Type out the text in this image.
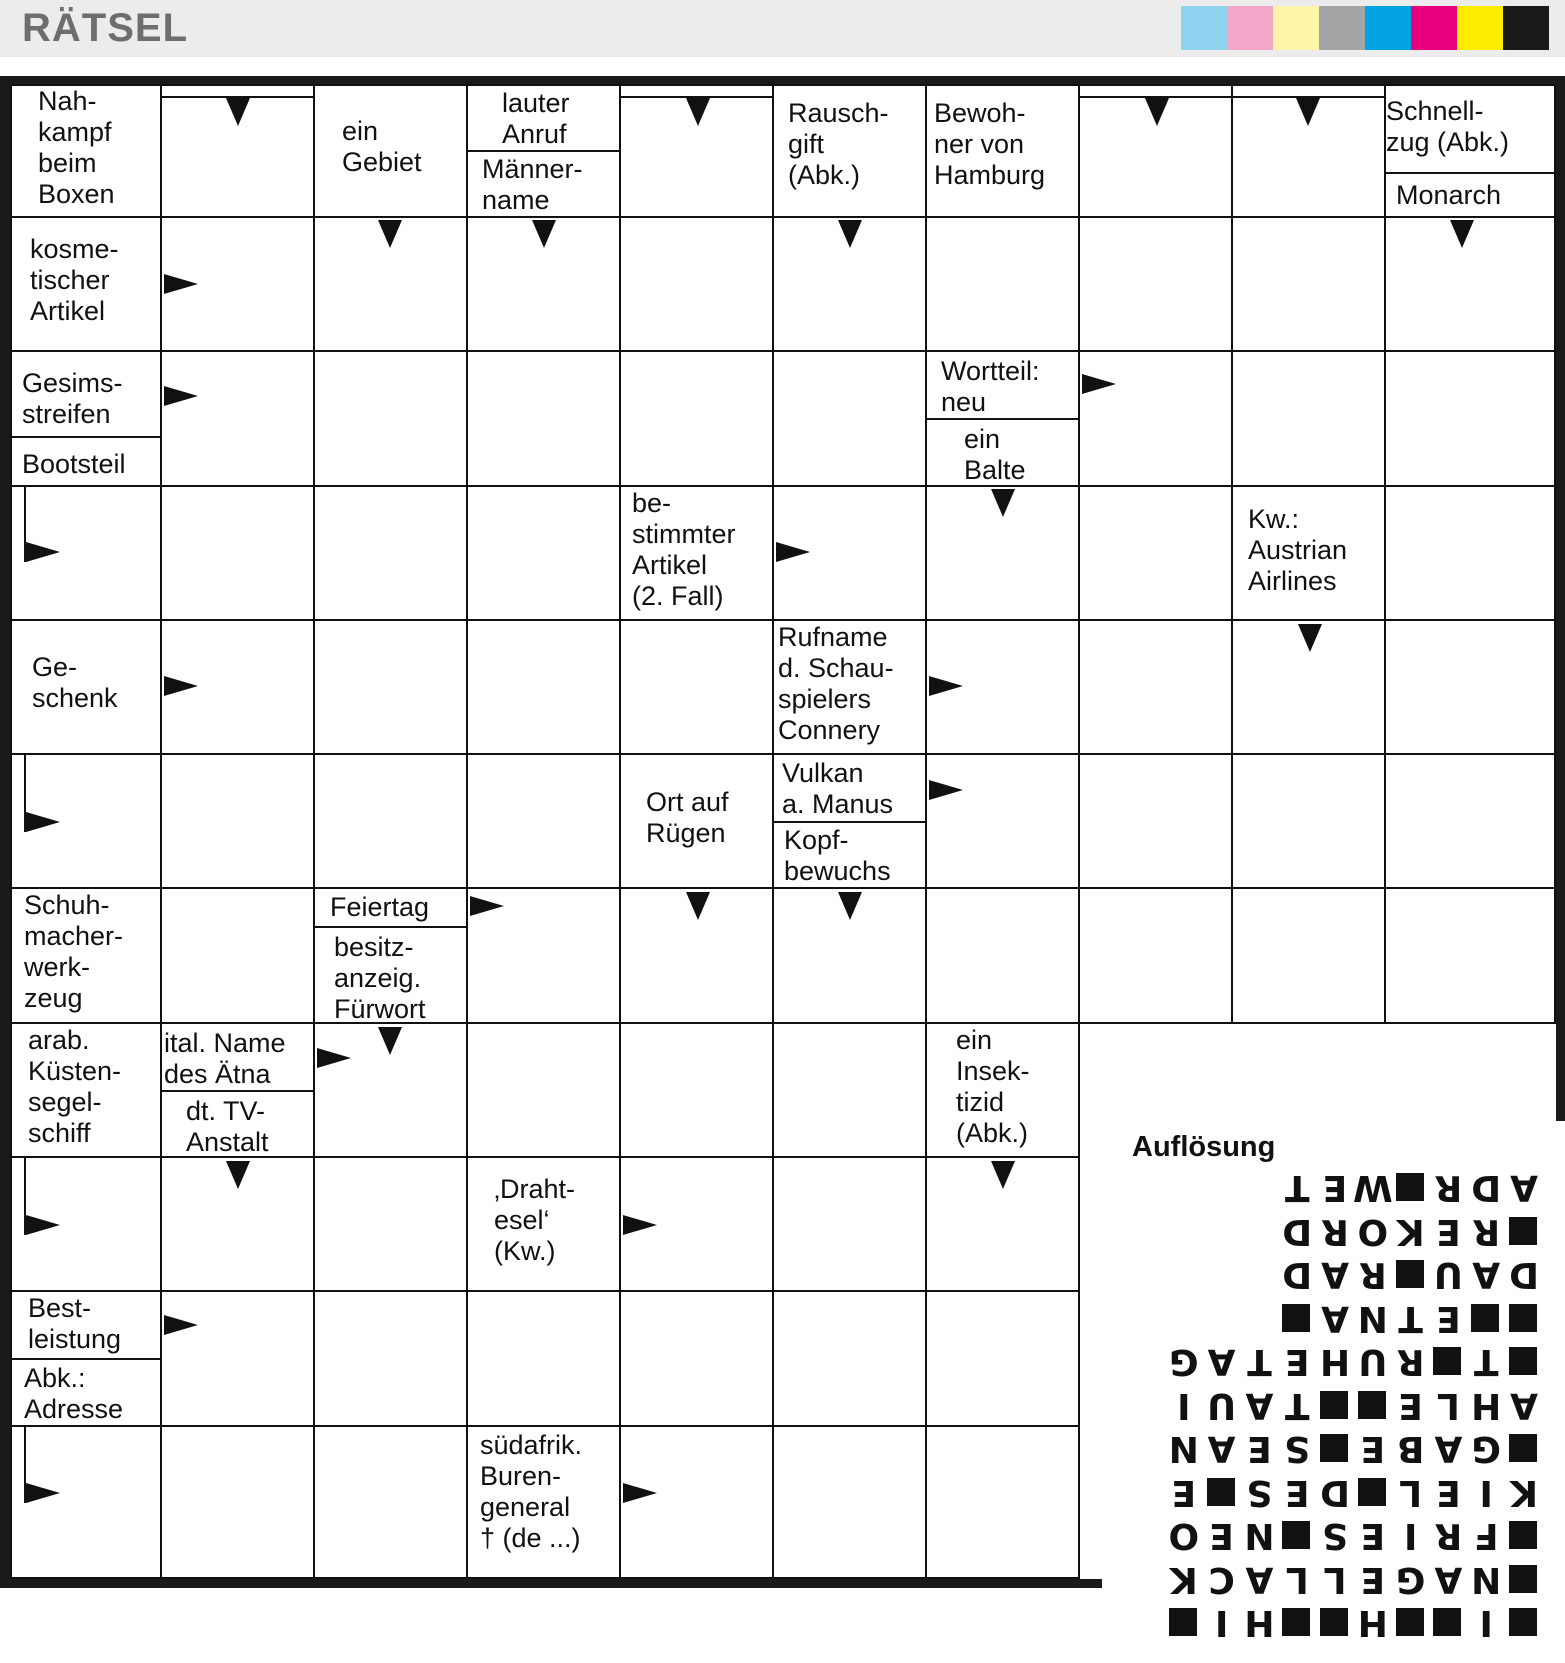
RÄTSEL
Nah-
kampf
beim
Boxen
ein
Gebiet
lauter
Anruf
Männer-
name
Rausch-
gift
(Abk.)
Bewoh-
ner von
Hamburg
Schnell-
zug (Abk.)
Monarch
kosme-
tischer
Artikel
Gesims-
streifen
Bootsteil
Wortteil:
neu
ein
Balte
be-
stimmter
Artikel
(2. Fall)
Kw.:
Austrian
Airlines
Ge-
schenk
Rufname
d. Schau-
spielers
Connery
Ort auf
Rügen
Vulkan
a. Manus
Kopf-
bewuchs
Schuh-
macher-
werk-
zeug
Feiertag
besitz-
anzeig.
Fürwort
arab.
Küsten-
segel-
schiff
ital. Name
des Ätna
dt. TV-
Anstalt
ein
Insek-
tizid
(Abk.)
‚Draht-
esel‘
(Kw.)
Best-
leistung
Abk.:
Adresse
südafrik.
Buren-
general
† (de ...)
Auflösung
A
D
R
W
E
T
R
E
K
O
R
D
D
A
U
R
A
D
E
T
N
A
T
R
U
H
E
T
A
G
A
H
L
E
T
A
U
I
G
A
B
E
S
E
A
N
K
I
E
L
D
E
S
E
F
R
I
E
S
N
E
O
N
A
G
E
L
L
A
C
K
I
H
H
I
